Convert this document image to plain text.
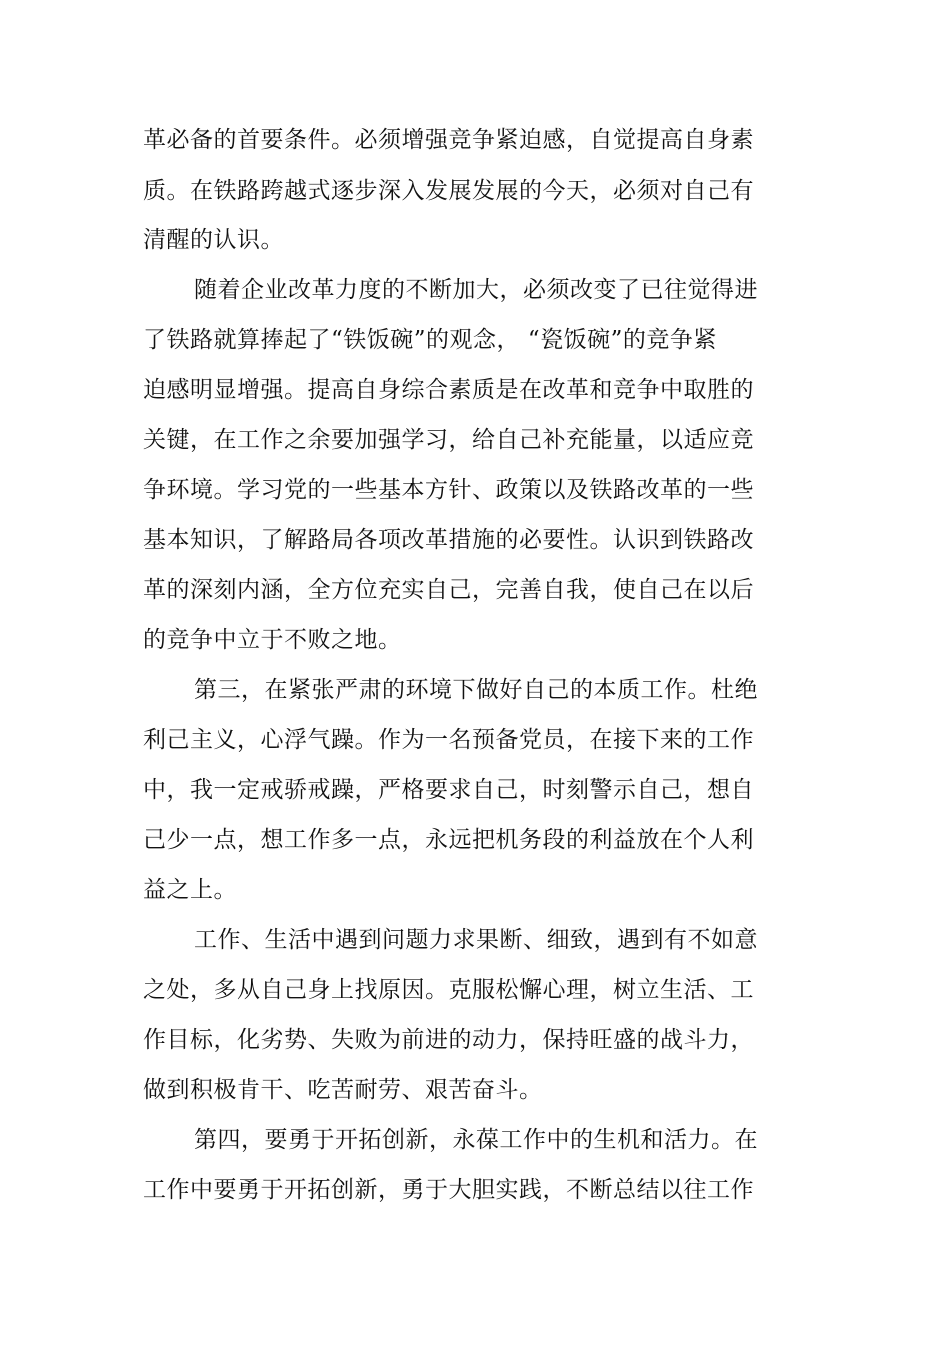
革必备的首要条件。必须增强竞争紧迫感，自觉提高自身素
质。在铁路跨越式逐步深入发展发展的今天，必须对自己有
清醒的认识。
随着企业改革力度的不断加大，必须改变了已往觉得进
了铁路就算捧起了“铁饭碗”的观念， “瓷饭碗”的竞争紧
迫感明显增强。提高自身综合素质是在改革和竞争中取胜的
关键，在工作之余要加强学习，给自己补充能量，以适应竞
争环境。学习党的一些基本方针、政策以及铁路改革的一些
基本知识，了解路局各项改革措施的必要性。认识到铁路改
革的深刻内涵，全方位充实自己，完善自我，使自己在以后
的竞争中立于不败之地。
第三，在紧张严肃的环境下做好自己的本质工作。杜绝
利己主义，心浮气躁。作为一名预备党员，在接下来的工作
中，我一定戒骄戒躁，严格要求自己，时刻警示自己，想自
己少一点，想工作多一点，永远把机务段的利益放在个人利
益之上。
工作、生活中遇到问题力求果断、细致，遇到有不如意
之处，多从自己身上找原因。克服松懈心理，树立生活、工
作目标，化劣势、失败为前进的动力，保持旺盛的战斗力，
做到积极肯干、吃苦耐劳、艰苦奋斗。
第四，要勇于开拓创新，永葆工作中的生机和活力。在
工作中要勇于开拓创新，勇于大胆实践，不断总结以往工作
